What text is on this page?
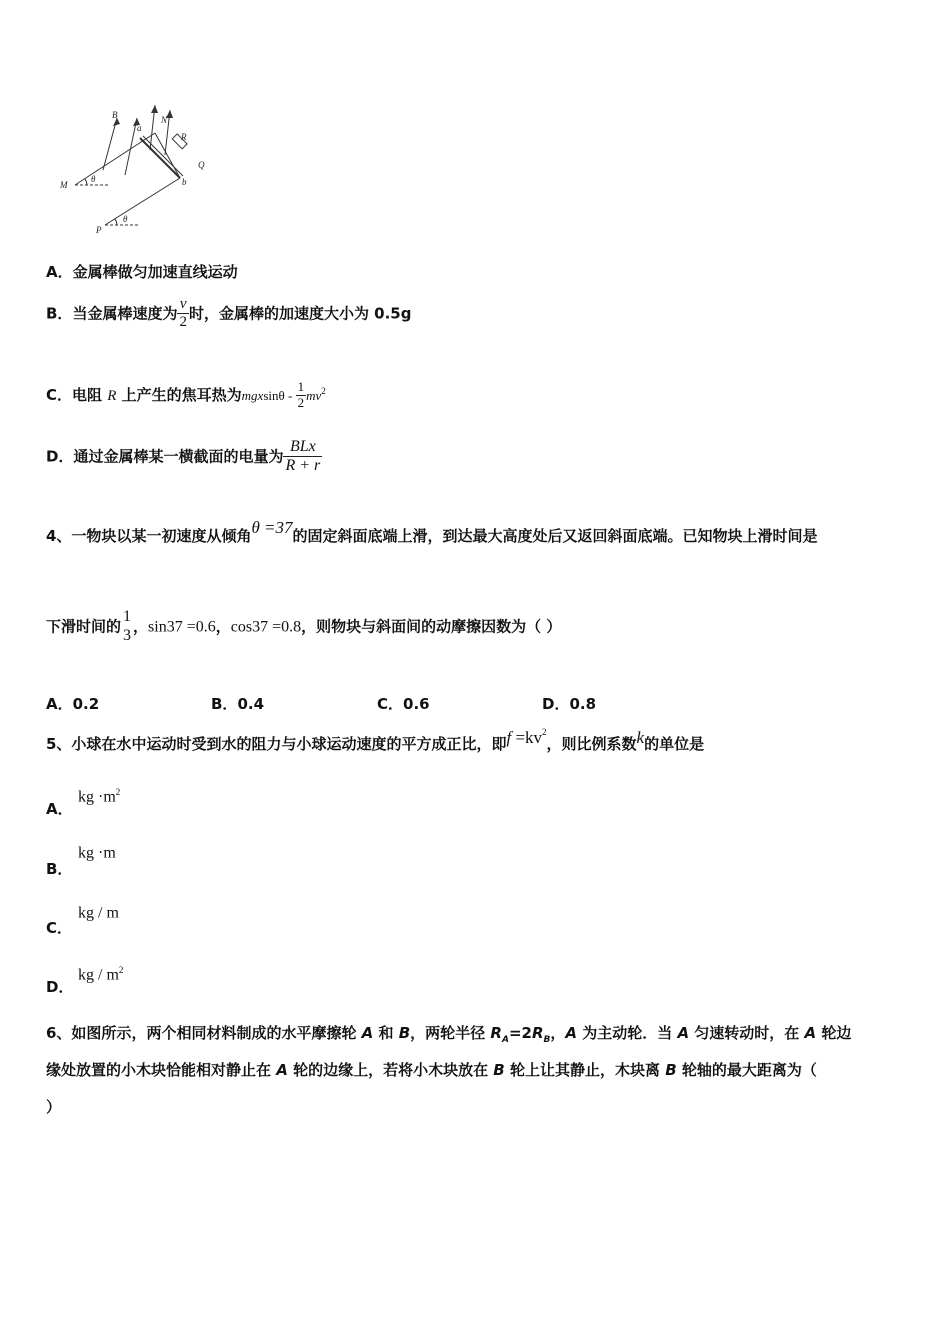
B
a
N
R
Q
M
θ	b
P
θ
A．金属棒做匀加速直线运动
B．当金属棒速度为 $\frac{v}{2}$ 时，金属棒的加速度大小为 0.5g
C．电阻 R 上产生的焦耳热为mgxsinθ - $\frac{1}{2} mv^2$
D．通过金属棒某一横截面的电量为 $\frac{\text{BLx}}{R + r}$
4、一物块以某一初速度从倾角θ =37的固定斜面底端上滑，到达最大高度处后又返回斜面底端。已知物块上滑时间是
下滑时间的 $\frac{1}{3}$ ，sin37 =0.6，cos37 =0.8，则物块与斜面间的动摩擦因数为（ ）
A．0.2	B．0.4	C．0.6	D．0.8
5、小球在水中运动时受到水的阻力与小球运动速度的平方成正比，即$f =kv^2$，则比例系数k的单位是
A．
kg $\cdot m^2$
B．
kg ·m
C．
kg / m
D．
kg / $m^2$
6、如图所示，两个相同材料制成的水平摩擦轮 A 和 B，两轮半径 $R_A=2R_B$，A 为主动轮．当 A 匀速转动时，在 A 轮边
缘处放置的小木块恰能相对静止在 A 轮的边缘上，若将小木块放在 B 轮上让其静止，木块离 B 轮轴的最大距离为（
）
